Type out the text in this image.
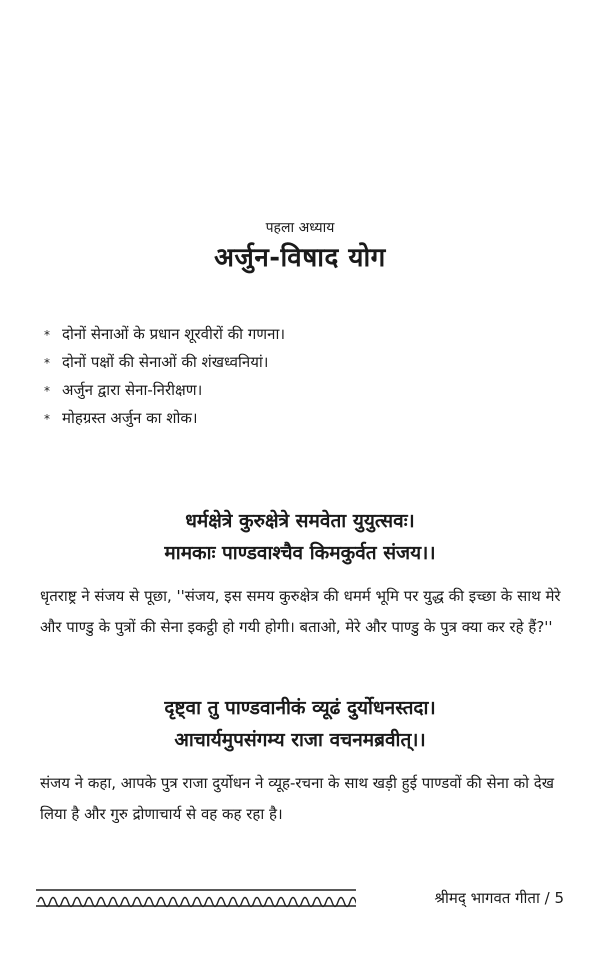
पहला अध्याय
अर्जुन-विषाद योग
* दोनों सेनाओं के प्रधान शूरवीरों की गणना।
* दोनों पक्षों की सेनाओं की शंखध्वनियां।
* अर्जुन द्वारा सेना-निरीक्षण।
* मोहग्रस्त अर्जुन का शोक।
धर्मक्षेत्रे कुरुक्षेत्रे समवेता युयुत्सवः।
मामकाः पाण्डवाश्चैव किमकुर्वत संजय।।
धृतराष्ट्र ने संजय से पूछा, ''संजय, इस समय कुरुक्षेत्र की धमर्म भूमि पर युद्ध की इच्छा के साथ मेरे और पाण्डु के पुत्रों की सेना इकट्ठी हो गयी होगी। बताओ, मेरे और पाण्डु के पुत्र क्या कर रहे हैं?''
दृष्ट्वा तु पाण्डवानीकं व्यूढं दुर्योधनस्तदा।
आचार्यमुपसंगम्य राजा वचनमब्रवीत्।।
संजय ने कहा, आपके पुत्र राजा दुर्योधन ने व्यूह-रचना के साथ खड़ी हुई पाण्डवों की सेना को देख लिया है और गुरु द्रोणाचार्य से वह कह रहा है।
श्रीमद् भागवत गीता / 5
